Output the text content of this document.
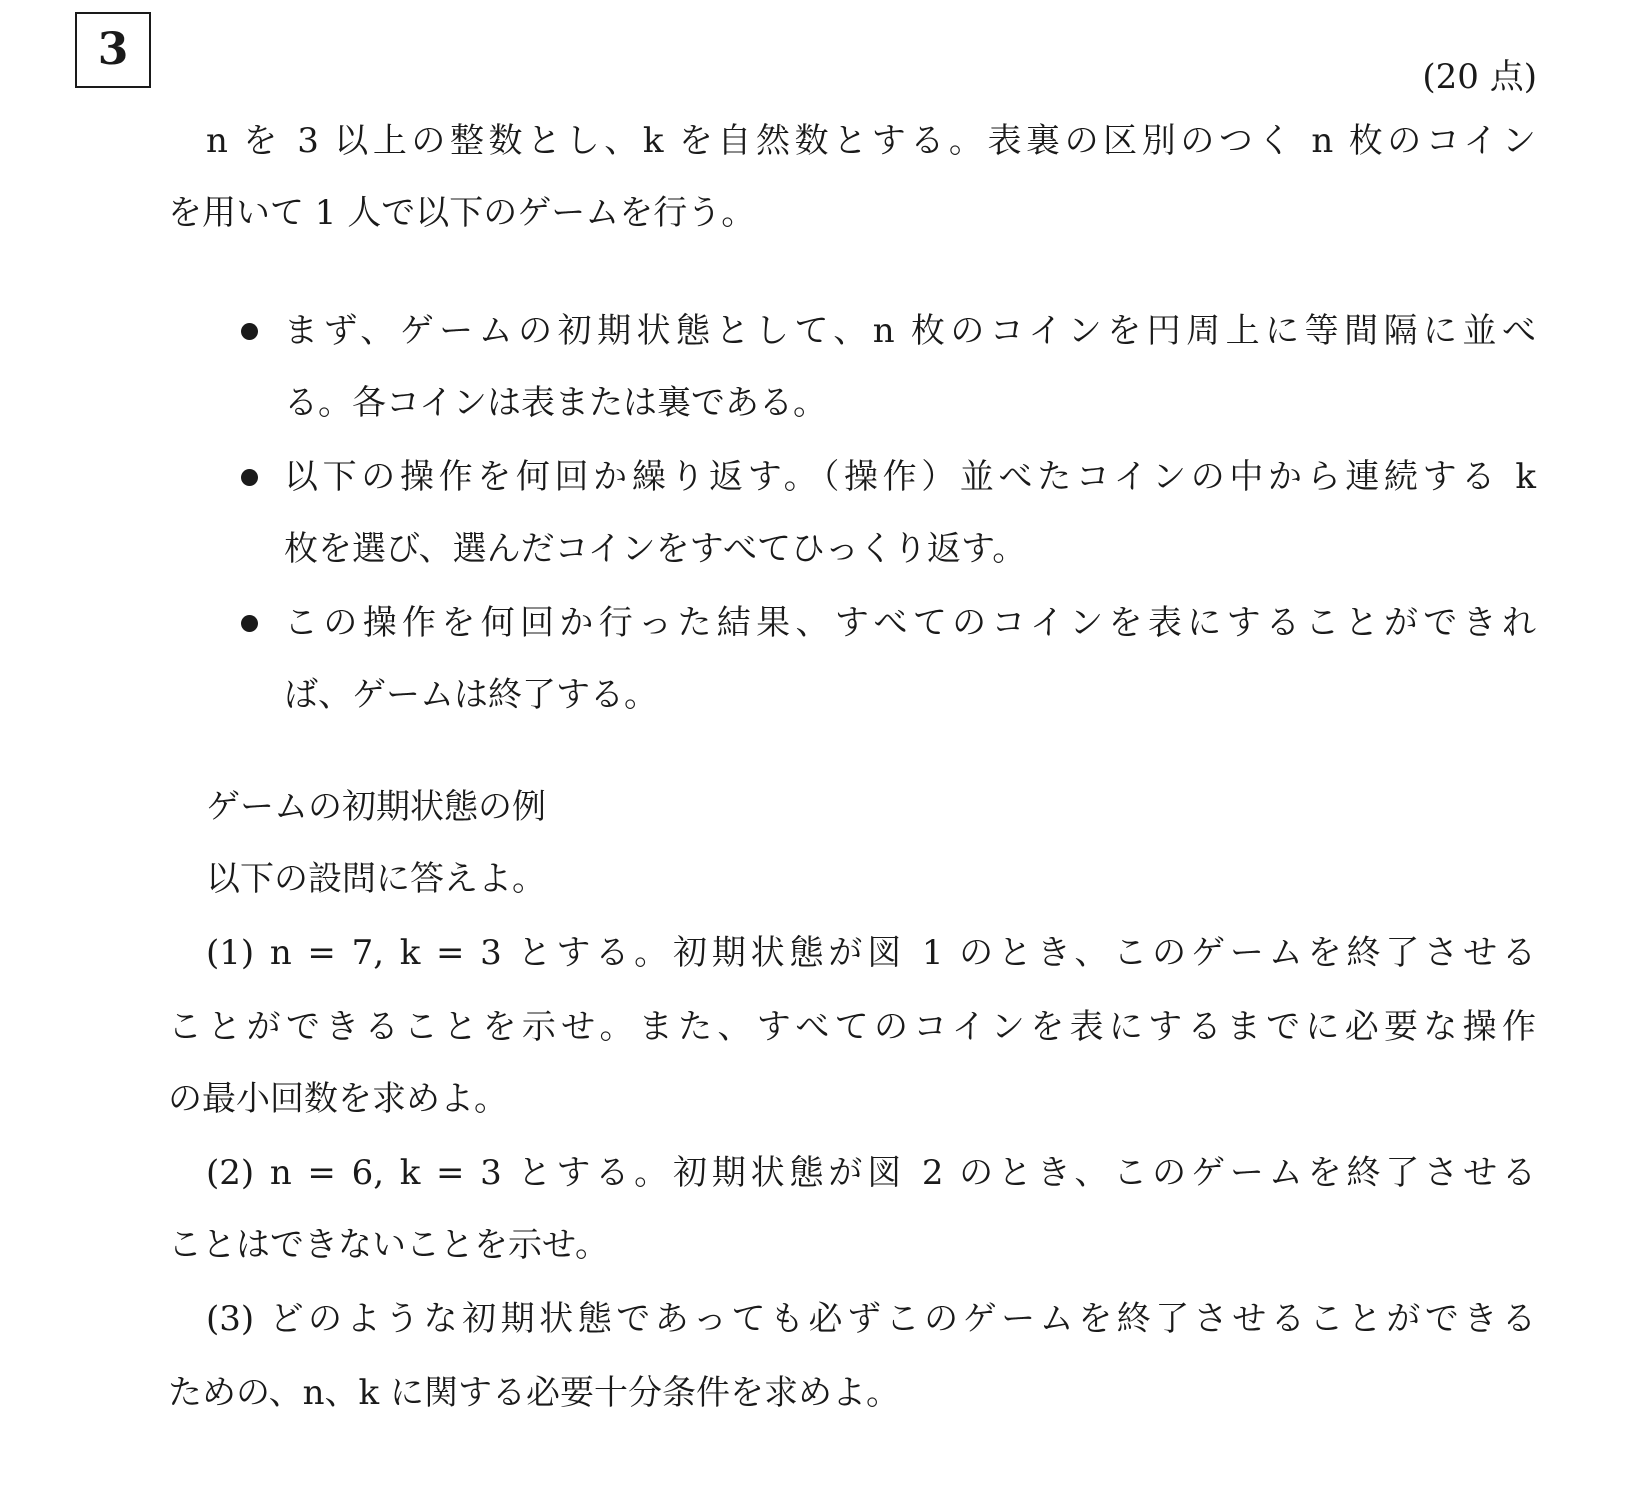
3
(20 点)
n を 3 以上の整数とし、k を自然数とする。表裏の区別のつく n 枚のコイン
を用いて 1 人で以下のゲームを行う。
まず、ゲームの初期状態として、n 枚のコインを円周上に等間隔に並べ
る。各コインは表または裏である。
以下の操作を何回か繰り返す。（操作）並べたコインの中から連続する k
枚を選び、選んだコインをすべてひっくり返す。
この操作を何回か行った結果、すべてのコインを表にすることができれ
ば、ゲームは終了する。
ゲームの初期状態の例
以下の設問に答えよ。
(1) n = 7, k = 3 とする。初期状態が図 1 のとき、このゲームを終了させる
ことができることを示せ。また、すべてのコインを表にするまでに必要な操作
の最小回数を求めよ。
(2) n = 6, k = 3 とする。初期状態が図 2 のとき、このゲームを終了させる
ことはできないことを示せ。
(3) どのような初期状態であっても必ずこのゲームを終了させることができる
ための、n、k に関する必要十分条件を求めよ。
